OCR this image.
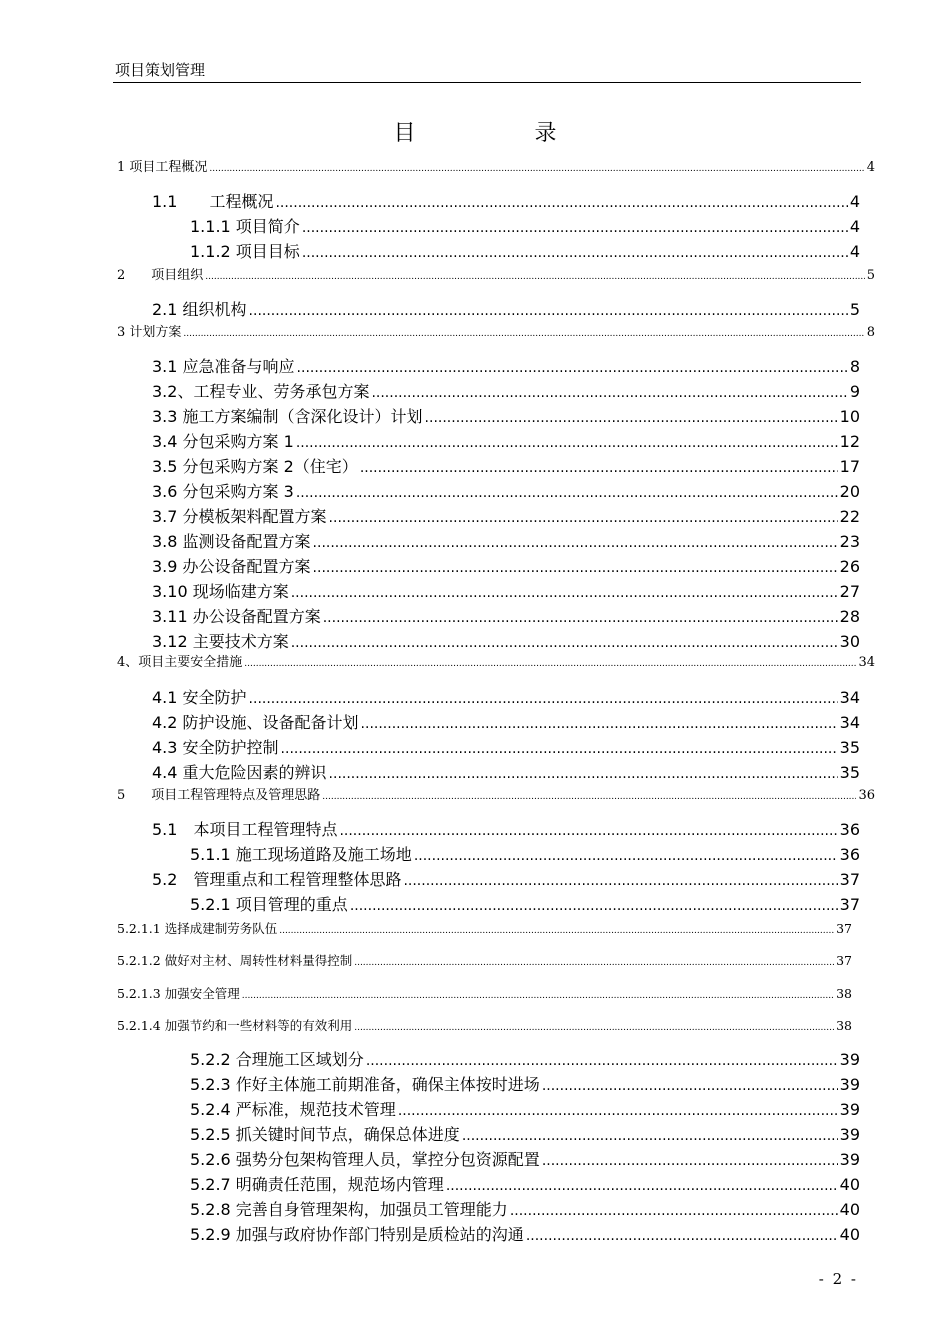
项目策划管理
目 录
1 项目工程概况 .....	4
1.1　　工程概况 .....	4
1.1.1 项目简介 .....	4
1.1.2 项目目标 .....	4
2　　项目组织 .....	5
2.1 组织机构 .....	5
3 计划方案 .....	8
3.1 应急准备与响应 .....	8
3.2、工程专业、劳务承包方案 .....	9
3.3 施工方案编制（含深化设计）计划 .....	10
3.4 分包采购方案 1 .....	12
3.5 分包采购方案 2（住宅） .....	17
3.6 分包采购方案 3 .....	20
3.7 分模板架料配置方案 .....	22
3.8 监测设备配置方案 .....	23
3.9 办公设备配置方案 .....	26
3.10 现场临建方案 .....	27
3.11 办公设备配置方案 .....	28
3.12 主要技术方案 .....	30
4、项目主要安全措施 .....	34
4.1 安全防护 .....	34
4.2 防护设施、设备配备计划 .....	34
4.3 安全防护控制 .....	35
4.4 重大危险因素的辨识 .....	35
5　　项目工程管理特点及管理思路 .....	36
5.1　本项目工程管理特点 .....	36
5.1.1 施工现场道路及施工场地 .....	36
5.2　管理重点和工程管理整体思路 .....	37
5.2.1 项目管理的重点 .....	37
5.2.1.1 选择成建制劳务队伍 .....	37
5.2.1.2 做好对主材、周转性材料量得控制 .....	37
5.2.1.3 加强安全管理 .....	38
5.2.1.4 加强节约和一些材料等的有效利用 .....	38
5.2.2 合理施工区域划分 .....	39
5.2.3 作好主体施工前期准备，确保主体按时进场 .....	39
5.2.4 严标准，规范技术管理 .....	39
5.2.5 抓关键时间节点，确保总体进度 .....	39
5.2.6 强势分包架构管理人员，掌控分包资源配置 .....	39
5.2.7 明确责任范围，规范场内管理 .....	40
5.2.8 完善自身管理架构，加强员工管理能力 .....	40
5.2.9 加强与政府协作部门特别是质检站的沟通 .....	40
- 2 -
